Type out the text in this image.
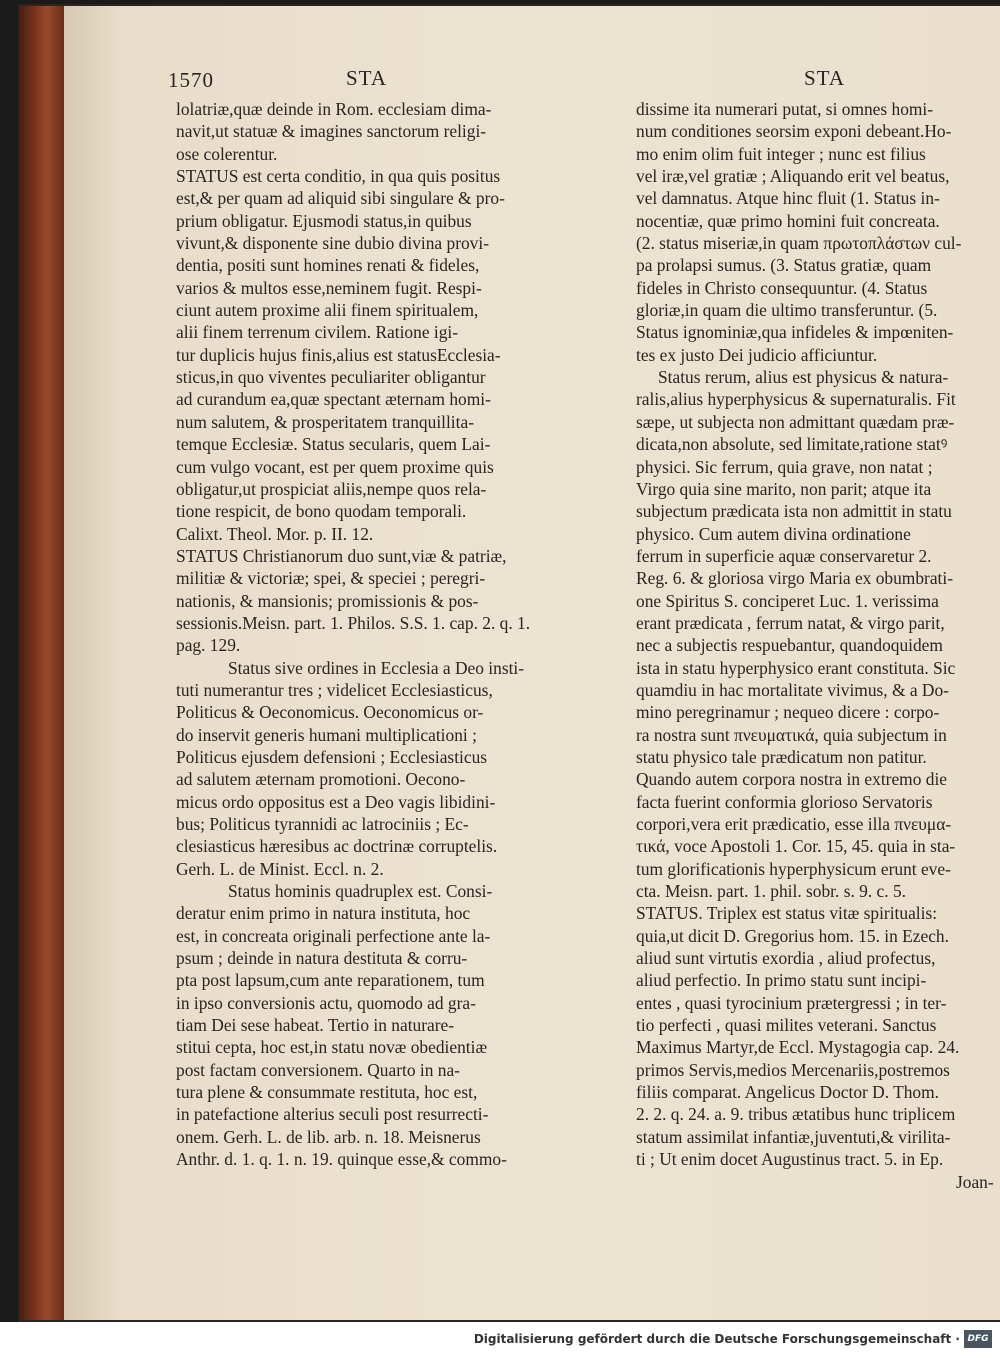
1570	STA	STA
lolatriæ,quæ deinde in Rom. ecclesiam dima-
navit,ut statuæ & imagines sanctorum religi-
ose colerentur.
STATUS est certa conditio, in qua quis positus
est,& per quam ad aliquid sibi singulare & pro-
prium obligatur. Ejusmodi status,in quibus
vivunt,& disponente sine dubio divina provi-
dentia, positi sunt homines renati & fideles,
varios & multos esse,neminem fugit. Respi-
ciunt autem proxime alii finem spiritualem,
alii finem terrenum civilem. Ratione igi-
tur duplicis hujus finis,alius est statusEcclesia-
sticus,in quo viventes peculiariter obligantur
ad curandum ea,quæ spectant æternam homi-
num salutem, & prosperitatem tranquillita-
temque Ecclesiæ. Status secularis, quem Lai-
cum vulgo vocant, est per quem proxime quis
obligatur,ut prospiciat aliis,nempe quos rela-
tione respicit, de bono quodam temporali.
Calixt. Theol. Mor. p. II. 12.
STATUS Christianorum duo sunt,viæ & patriæ,
militiæ & victoriæ; spei, & speciei ; peregri-
nationis, & mansionis; promissionis & pos-
sessionis.Meisn. part. 1. Philos. S.S. 1. cap. 2. q. 1.
pag. 129.
Status sive ordines in Ecclesia a Deo insti-
tuti numerantur tres ; videlicet Ecclesiasticus,
Politicus & Oeconomicus. Oeconomicus or-
do inservit generis humani multiplicationi ;
Politicus ejusdem defensioni ; Ecclesiasticus
ad salutem æternam promotioni. Oecono-
micus ordo oppositus est a Deo vagis libidini-
bus; Politicus tyrannidi ac latrociniis ; Ec-
clesiasticus hæresibus ac doctrinæ corruptelis.
Gerh. L. de Minist. Eccl. n. 2.
Status hominis quadruplex est. Consi-
deratur enim primo in natura instituta, hoc
est, in concreata originali perfectione ante la-
psum ; deinde in natura destituta & corru-
pta post lapsum,cum ante reparationem, tum
in ipso conversionis actu, quomodo ad gra-
tiam Dei sese habeat. Tertio in naturare-
stitui cepta, hoc est,in statu novæ obedientiæ
post factam conversionem. Quarto in na-
tura plene & consummate restituta, hoc est,
in patefactione alterius seculi post resurrecti-
onem. Gerh. L. de lib. arb. n. 18. Meisnerus
Anthr. d. 1. q. 1. n. 19. quinque esse,& commo-
dissime ita numerari putat, si omnes homi-
num conditiones seorsim exponi debeant.Ho-
mo enim olim fuit integer ; nunc est filius
vel iræ,vel gratiæ ; Aliquando erit vel beatus,
vel damnatus. Atque hinc fluit (1. Status in-
nocentiæ, quæ primo homini fuit concreata.
(2. status miseriæ,in quam πρωτοπλάστων cul-
pa prolapsi sumus. (3. Status gratiæ, quam
fideles in Christo consequuntur. (4. Status
gloriæ,in quam die ultimo transferuntur. (5.
Status ignominiæ,qua infideles & impœniten-
tes ex justo Dei judicio afficiuntur.
Status rerum, alius est physicus & natura-
ralis,alius hyperphysicus & supernaturalis. Fit
sæpe, ut subjecta non admittant quædam præ-
dicata,non absolute, sed limitate,ratione statꝰ
physici. Sic ferrum, quia grave, non natat ;
Virgo quia sine marito, non parit; atque ita
subjectum prædicata ista non admittit in statu
physico. Cum autem divina ordinatione
ferrum in superficie aquæ conservaretur 2.
Reg. 6. & gloriosa virgo Maria ex obumbrati-
one Spiritus S. conciperet Luc. 1. verissima
erant prædicata , ferrum natat, & virgo parit,
nec a subjectis respuebantur, quandoquidem
ista in statu hyperphysico erant constituta. Sic
quamdiu in hac mortalitate vivimus, & a Do-
mino peregrinamur ; nequeo dicere : corpo-
ra nostra sunt πνευματικά, quia subjectum in
statu physico tale prædicatum non patitur.
Quando autem corpora nostra in extremo die
facta fuerint conformia glorioso Servatoris
corpori,vera erit prædicatio, esse illa πνευμα-
τικά, voce Apostoli 1. Cor. 15, 45. quia in sta-
tum glorificationis hyperphysicum erunt eve-
cta. Meisn. part. 1. phil. sobr. s. 9. c. 5.
STATUS. Triplex est status vitæ spiritualis:
quia,ut dicit D. Gregorius hom. 15. in Ezech.
aliud sunt virtutis exordia , aliud profectus,
aliud perfectio. In primo statu sunt incipi-
entes , quasi tyrocinium prætergressi ; in ter-
tio perfecti , quasi milites veterani. Sanctus
Maximus Martyr,de Eccl. Mystagogia cap. 24.
primos Servis,medios Mercenariis,postremos
filiis comparat. Angelicus Doctor D. Thom.
2. 2. q. 24. a. 9. tribus ætatibus hunc triplicem
statum assimilat infantiæ,juventuti,& virilita-
ti ; Ut enim docet Augustinus tract. 5. in Ep.
Joan-
Digitalisierung gefördert durch die Deutsche Forschungsgemeinschaft · DFG
